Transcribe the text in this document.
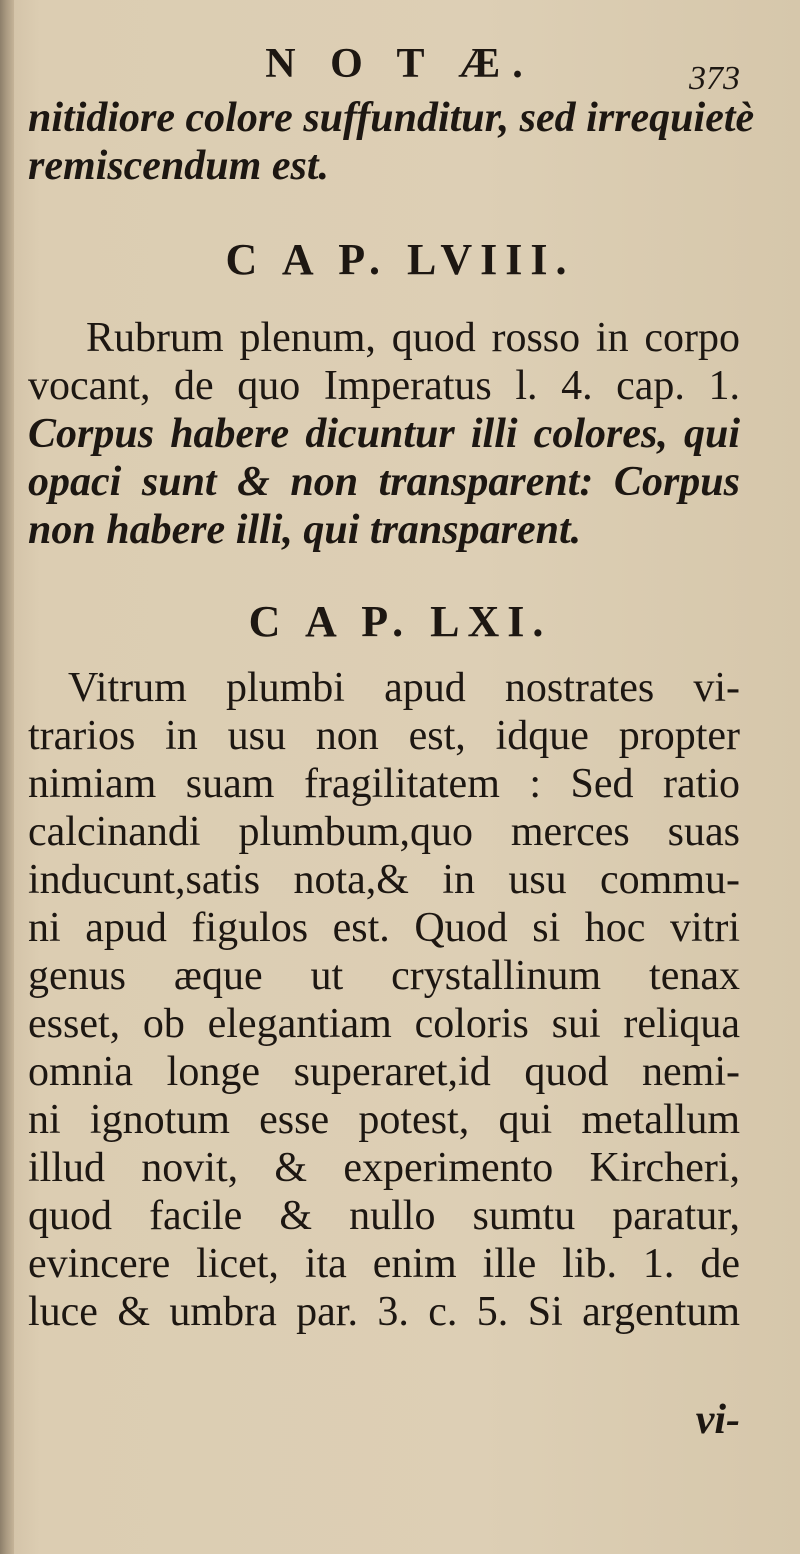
N O T Æ.	373

nitidiore colore suffunditur, sed irrequietè

remiscendum est.

C A P. LVIII.

Rubrum plenum, quod rosso in corpo

vocant, de quo Imperatus l. 4. cap. 1.

Corpus habere dicuntur illi colores, qui

opaci sunt & non transparent: Corpus

non habere illi, qui transparent.

C A P. LXI.

Vitrum plumbi apud nostrates vi-

trarios in usu non est, idque propter

nimiam suam fragilitatem : Sed ratio

calcinandi plumbum,quo merces suas

inducunt,satis nota,& in usu commu-

ni apud figulos est. Quod si hoc vitri

genus æque ut crystallinum tenax

esset, ob elegantiam coloris sui reliqua

omnia longe superaret,id quod nemi-

ni ignotum esse potest, qui metallum

illud novit, & experimento Kircheri,

quod facile & nullo sumtu paratur,

evincere licet, ita enim ille lib. 1. de

luce & umbra par. 3. c. 5. Si argentum

vi-
